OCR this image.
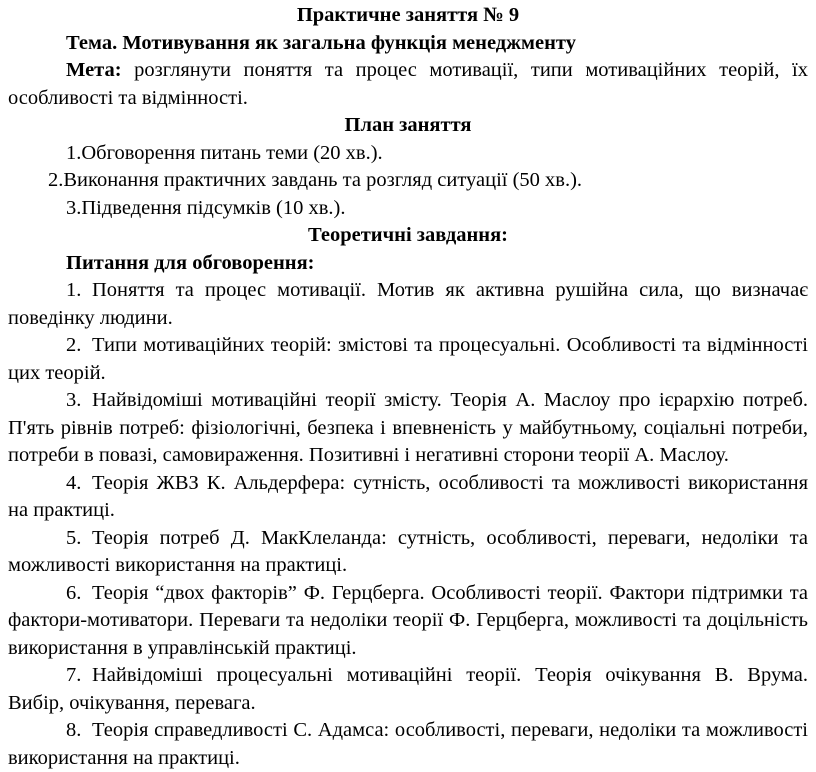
Практичне заняття № 9

Тема. Мотивування як загальна функція менеджменту

Мета: розглянути поняття та процес мотивації, типи мотиваційних теорій, їх особливості та відмінності.

План заняття

1.Обговорення питань теми (20 хв.).

2.Виконання практичних завдань та розгляд ситуації (50 хв.).

3.Підведення підсумків (10 хв.).

Теоретичні завдання:

Питання для обговорення:

1. Поняття та процес мотивації. Мотив як активна рушійна сила, що визначає поведінку людини.

2. Типи мотиваційних теорій: змістові та процесуальні. Особливості та відмінності цих теорій.

3. Найвідоміші мотиваційні теорії змісту. Теорія А. Маслоу про ієрархію потреб. П'ять рівнів потреб: фізіологічні, безпека і впевненість у майбутньому, соціальні потреби, потреби в повазі, самовираження. Позитивні і негативні сторони теорії А. Маслоу.

4. Теорія ЖВЗ К. Альдерфера: сутність, особливості та можливості використання на практиці.

5. Теорія потреб Д. МакКлеланда: сутність, особливості, переваги, недоліки та можливості використання на практиці.

6. Теорія “двох факторів” Ф. Герцберга. Особливості теорії. Фактори підтримки та фактори-мотиватори. Переваги та недоліки теорії Ф. Герцберга, можливості та доцільність використання в управлінській практиці.

7. Найвідоміші процесуальні мотиваційні теорії. Теорія очікування В. Врума. Вибір, очікування, перевага.

8. Теорія справедливості С. Адамса: особливості, переваги, недоліки та можливості використання на практиці.
